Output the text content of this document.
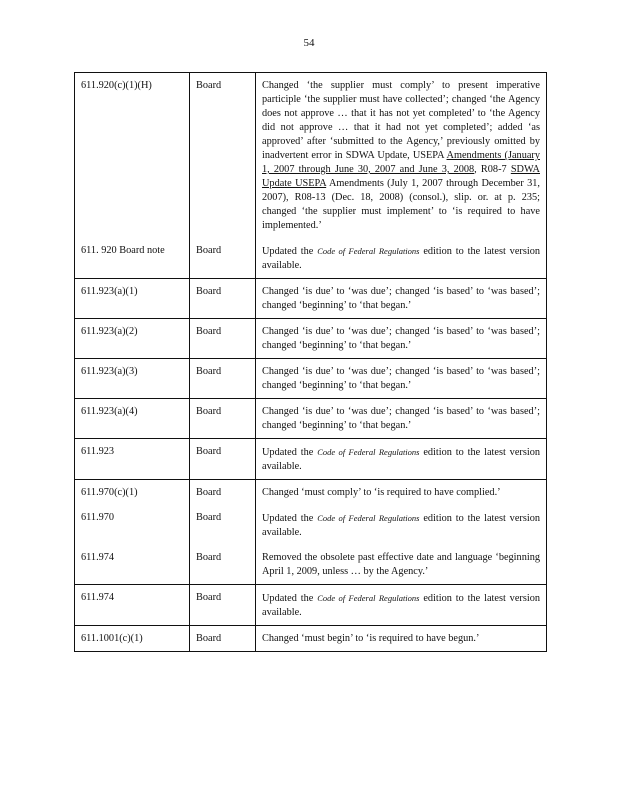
54
611.920(c)(1)(H)	Board	Changed ‘the supplier must comply’ to present imperative participle ‘the supplier must have collected’; changed ‘the Agency does not approve … that it has not yet completed’ to ‘the Agency did not approve … that it had not yet completed’; added ‘as approved’ after ‘submitted to the Agency,’ previously omitted by inadvertent error in SDWA Update, USEPA Amendments (January 1, 2007 through June 30, 2007 and June 3, 2008, R08-7 SDWA Update USEPA Amendments (July 1, 2007 through December 31, 2007), R08-13 (Dec. 18, 2008) (consol.), slip. or. at p. 235; changed ‘the supplier must implement’ to ‘is required to have implemented.’
611. 920 Board note	Board	Updated the Code of Federal Regulations edition to the latest version available.
611.923(a)(1)	Board	Changed ‘is due’ to ‘was due’; changed ‘is based’ to ‘was based’; changed ‘beginning’ to ‘that began.’
611.923(a)(2)	Board	Changed ‘is due’ to ‘was due’; changed ‘is based’ to ‘was based’; changed ‘beginning’ to ‘that began.’
611.923(a)(3)	Board	Changed ‘is due’ to ‘was due’; changed ‘is based’ to ‘was based’; changed ‘beginning’ to ‘that began.’
611.923(a)(4)	Board	Changed ‘is due’ to ‘was due’; changed ‘is based’ to ‘was based’; changed ‘beginning’ to ‘that began.’
611.923	Board	Updated the Code of Federal Regulations edition to the latest version available.
611.970(c)(1)	Board	Changed ‘must comply’ to ‘is required to have complied.’
611.970	Board	Updated the Code of Federal Regulations edition to the latest version available.
611.974	Board	Removed the obsolete past effective date and language ‘beginning April 1, 2009, unless … by the Agency.’
611.974	Board	Updated the Code of Federal Regulations edition to the latest version available.
611.1001(c)(1)	Board	Changed ‘must begin’ to ‘is required to have begun.’
